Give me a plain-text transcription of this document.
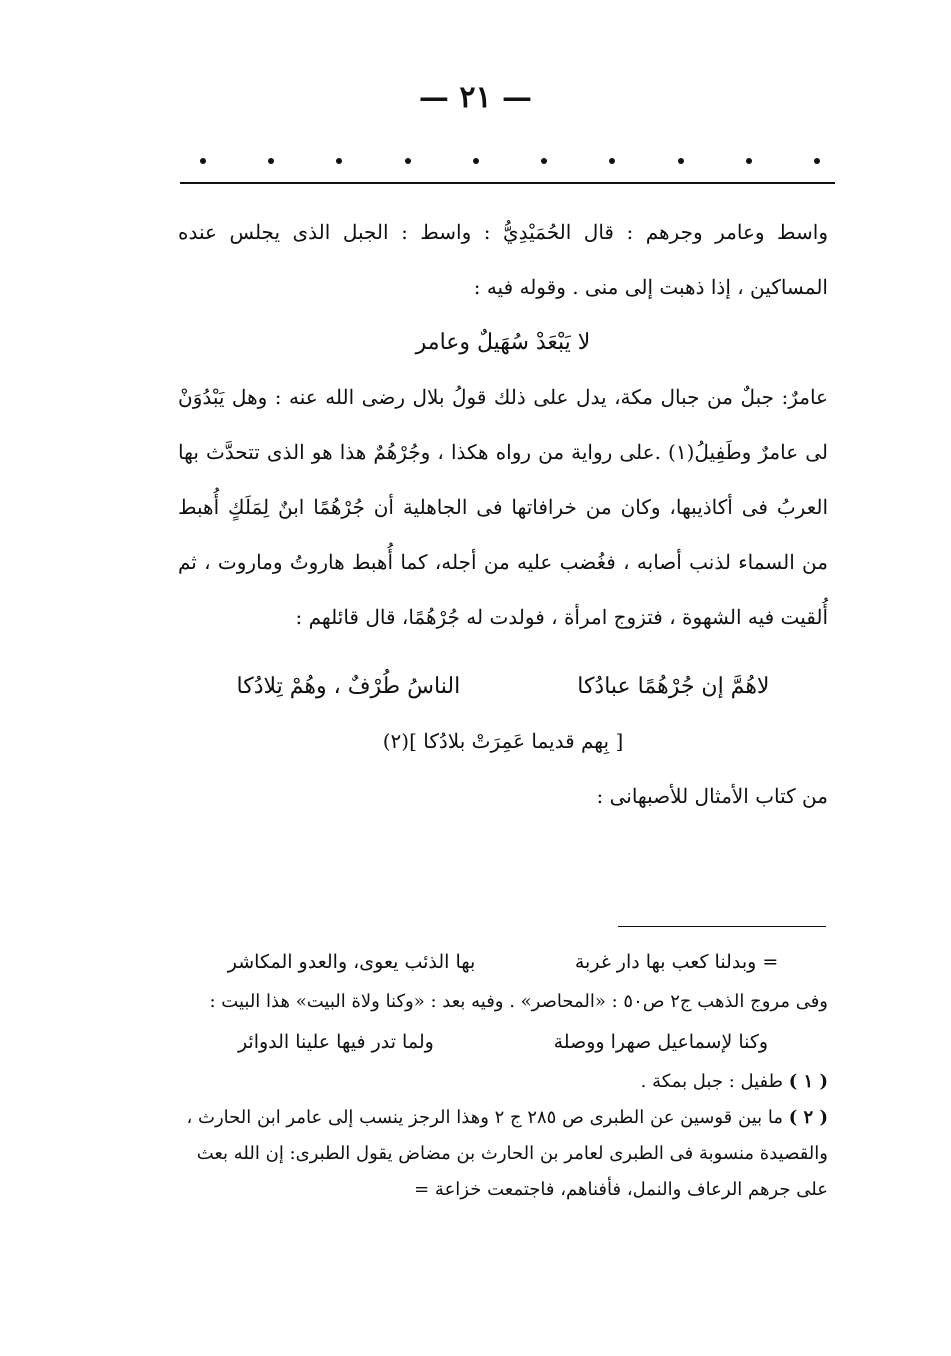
— ٢١ —

واسط وعامر وجرهم : قال الحُمَيْدِيُّ : واسط : الجبل الذى يجلس عنده المساكين ، إذا ذهبت إلى منى . وقوله فيه :

لا يَبْعَدْ سُهَيلٌ وعامر

عامرٌ: جبلٌ من جبال مكة، يدل على ذلك قولُ بلال رضى الله عنه : وهل يَبْدُوَنْ لى عامرٌ وطَفِيلُ(١) .على رواية من رواه هكذا ، وجُرْهُمٌ هذا هو الذى تتحدَّث بها العربُ فى أكاذيبها، وكان من خرافاتها فى الجاهلية أن جُرْهُمًا ابنٌ لِمَلَكٍ أُهبط من السماء لذنب أصابه ، فغُضب عليه من أجله، كما أُهبط هاروتُ وماروت ، ثم أُلقيت فيه الشهوة ، فتزوج امرأة ، فولدت له جُرْهُمًا، قال قائلهم :

لاهُمَّ إن جُرْهُمًا عبادُكا
الناسُ طُرْفٌ ، وهُمْ تِلادُكا

[ بِهم قديما عَمِرَتْ بلادُكا ](٢)

من كتاب الأمثال للأصبهانى :

= وبدلنا كعب بها دار غربة
بها الذئب يعوى، والعدو المكاشر

وفى مروج الذهب ج٢ ص٥٠ : «المحاصر» . وفيه بعد : «وكنا ولاة البيت» هذا البيت :

وكنا لإسماعيل صهرا ووصلة
ولما تدر فيها علينا الدوائر

( ١ ) طفيل : جبل بمكة .

( ٢ ) ما بين قوسين عن الطبرى ص ٢٨٥ ج ٢ وهذا الرجز ينسب إلى عامر ابن الحارث ، والقصيدة منسوبة فى الطبرى لعامر بن الحارث بن مضاض يقول الطبرى: إن الله بعث على جرهم الرعاف والنمل، فأفناهم، فاجتمعت خزاعة =
